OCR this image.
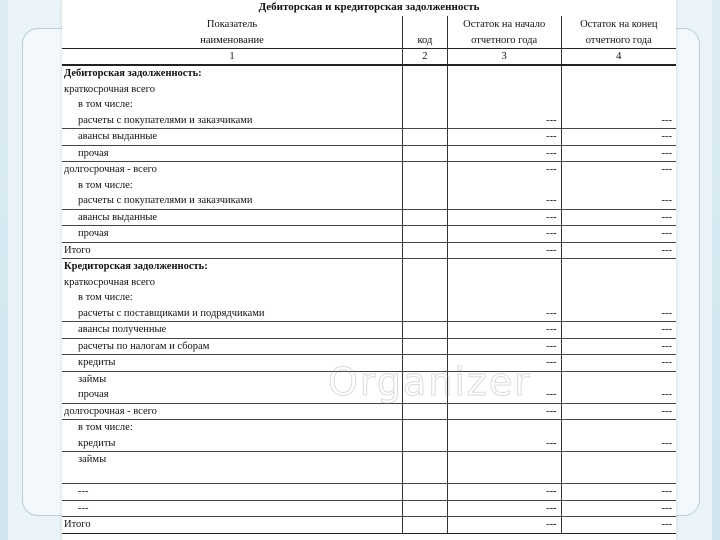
Дебиторская и кредиторская задолженность
Показатель		Остаток на начало	Остаток на конец
наименование	код	отчетного года	отчетного года
1	2	3	4
Дебиторская задолженность:			
краткосрочная всего			
в том числе:			
расчеты с покупателями и заказчиками		---	---
авансы выданные		---	---
прочая		---	---
долгосрочная - всего		---	---
в том числе:			
расчеты с покупателями и заказчиками		---	---
авансы выданные		---	---
прочая		---	---
Итого		---	---
Кредиторская задолженность:			
краткосрочная всего			
в том числе:			
расчеты с поставщиками и подрядчиками		---	---
авансы полученные		---	---
расчеты по налогам и сборам		---	---
кредиты		---	---
займы			
прочая		---	---
долгосрочная - всего		---	---
в том числе:			
кредиты		---	---
займы			

---		---	---
---		---	---
Итого		---	---
Organizer
